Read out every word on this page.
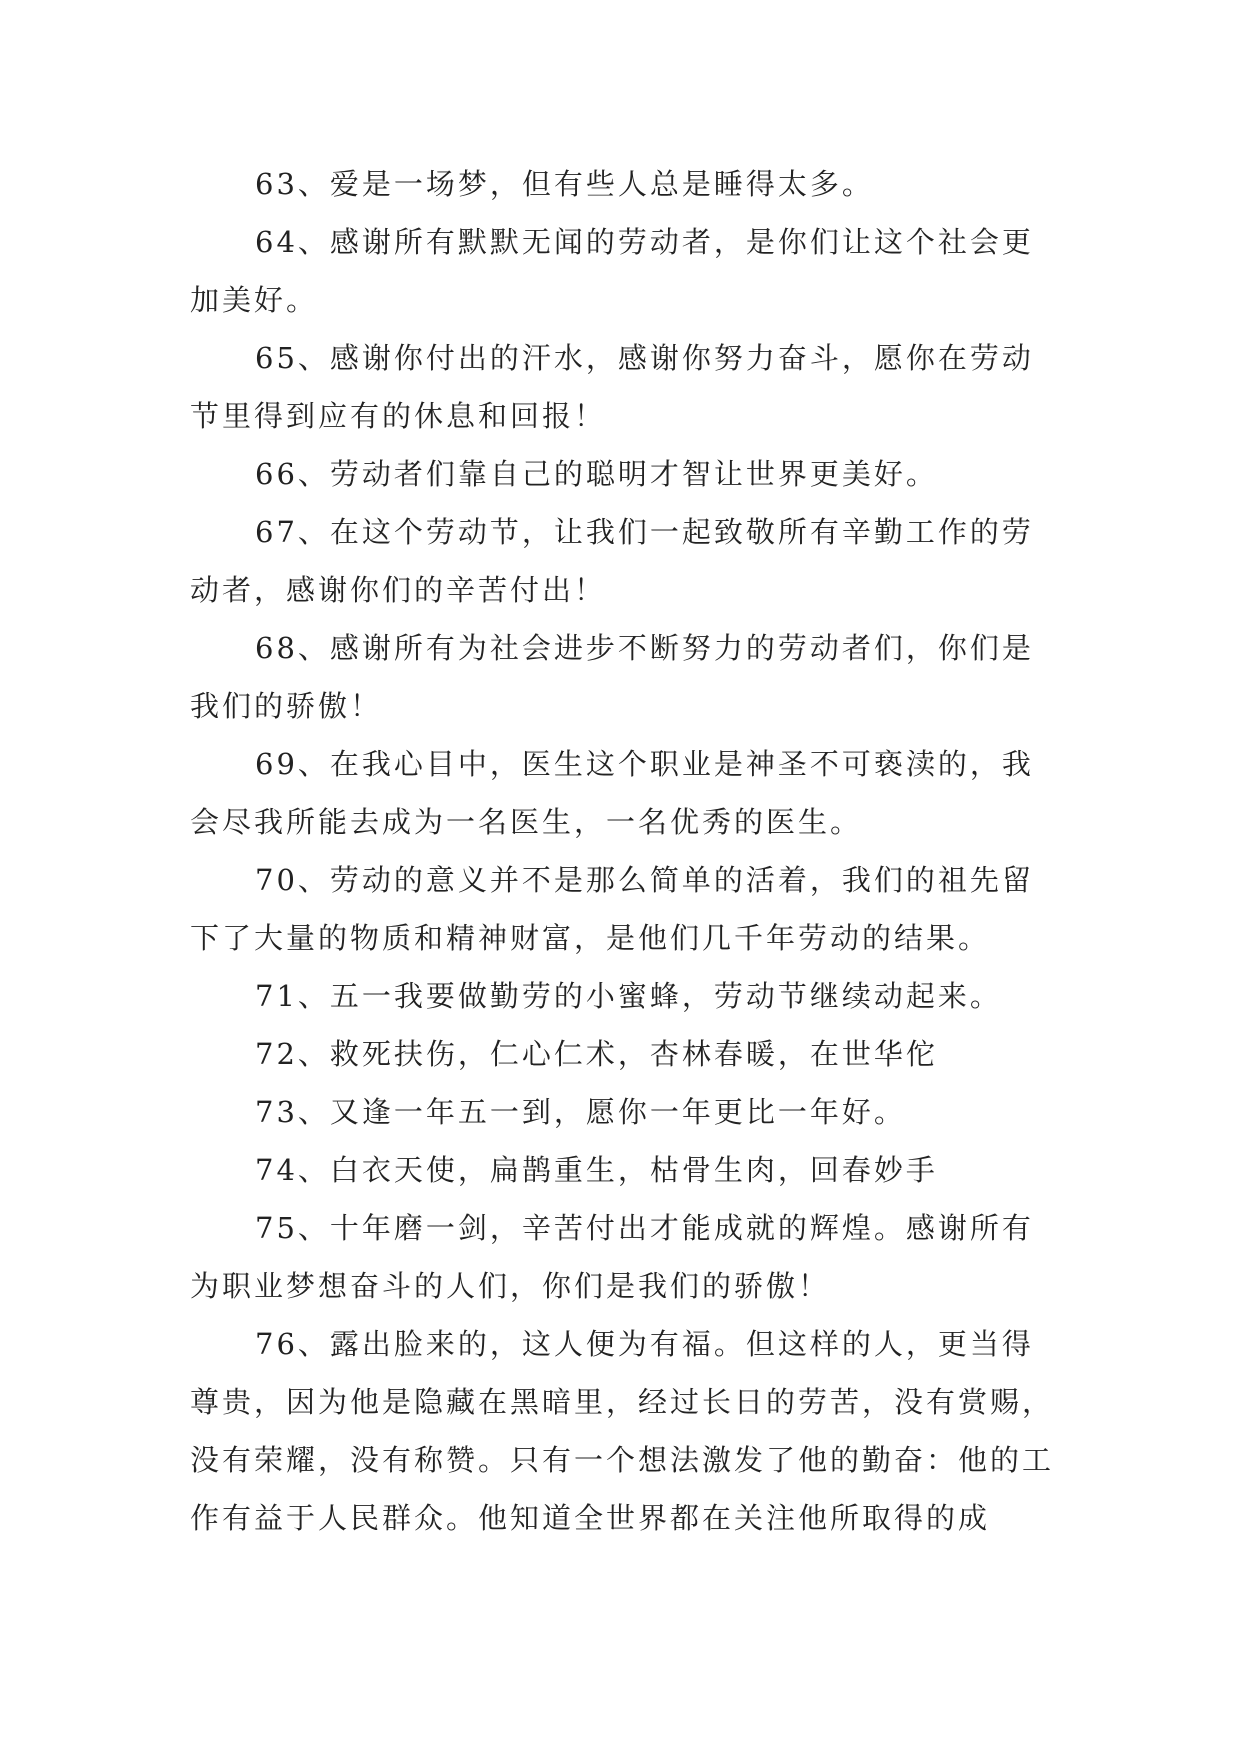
63、爱是一场梦，但有些人总是睡得太多。

64、感谢所有默默无闻的劳动者，是你们让这个社会更加美好。

65、感谢你付出的汗水，感谢你努力奋斗，愿你在劳动节里得到应有的休息和回报！

66、劳动者们靠自己的聪明才智让世界更美好。

67、在这个劳动节，让我们一起致敬所有辛勤工作的劳动者，感谢你们的辛苦付出！

68、感谢所有为社会进步不断努力的劳动者们，你们是我们的骄傲！

69、在我心目中，医生这个职业是神圣不可亵渎的，我会尽我所能去成为一名医生，一名优秀的医生。

70、劳动的意义并不是那么简单的活着，我们的祖先留下了大量的物质和精神财富，是他们几千年劳动的结果。

71、五一我要做勤劳的小蜜蜂，劳动节继续动起来。

72、救死扶伤，仁心仁术，杏林春暖，在世华佗

73、又逢一年五一到，愿你一年更比一年好。

74、白衣天使，扁鹊重生，枯骨生肉，回春妙手

75、十年磨一剑，辛苦付出才能成就的辉煌。感谢所有为职业梦想奋斗的人们，你们是我们的骄傲！

76、露出脸来的，这人便为有福。但这样的人，更当得尊贵，因为他是隐藏在黑暗里，经过长日的劳苦，没有赏赐，没有荣耀，没有称赞。只有一个想法激发了他的勤奋：他的工作有益于人民群众。他知道全世界都在关注他所取得的成
